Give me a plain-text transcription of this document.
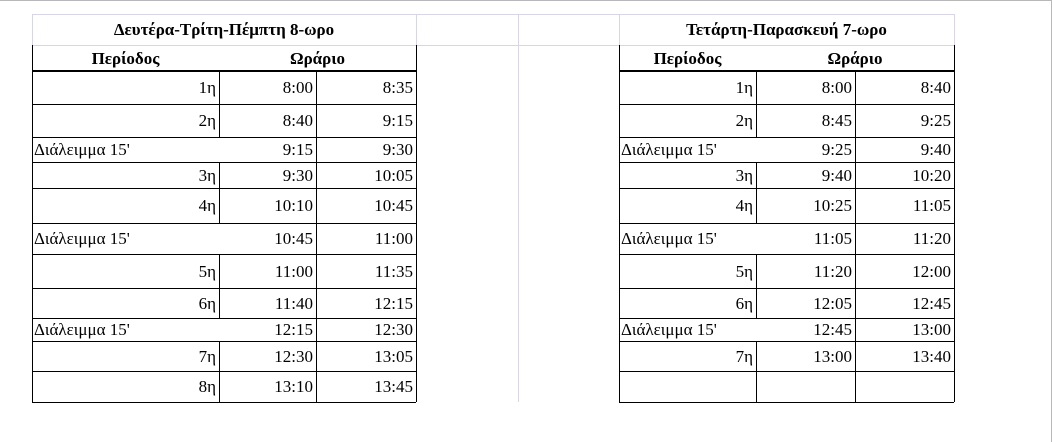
Δευτέρα-Τρίτη-Πέμπτη 8-ωρο
Περίοδος	Ωράριο
1η	8:00	8:35
2η	8:40	9:15
Διάλειμμα 15'	9:15	9:30
3η	9:30	10:05
4η	10:10	10:45
Διάλειμμα 15'	10:45	11:00
5η	11:00	11:35
6η	11:40	12:15
Διάλειμμα 15'	12:15	12:30
7η	12:30	13:05
8η	13:10	13:45
Τετάρτη-Παρασκευή 7-ωρο
Περίοδος	Ωράριο
1η	8:00	8:40
2η	8:45	9:25
Διάλειμμα 15'	9:25	9:40
3η	9:40	10:20
4η	10:25	11:05
Διάλειμμα 15'	11:05	11:20
5η	11:20	12:00
6η	12:05	12:45
Διάλειμμα 15'	12:45	13:00
7η	13:00	13:40
